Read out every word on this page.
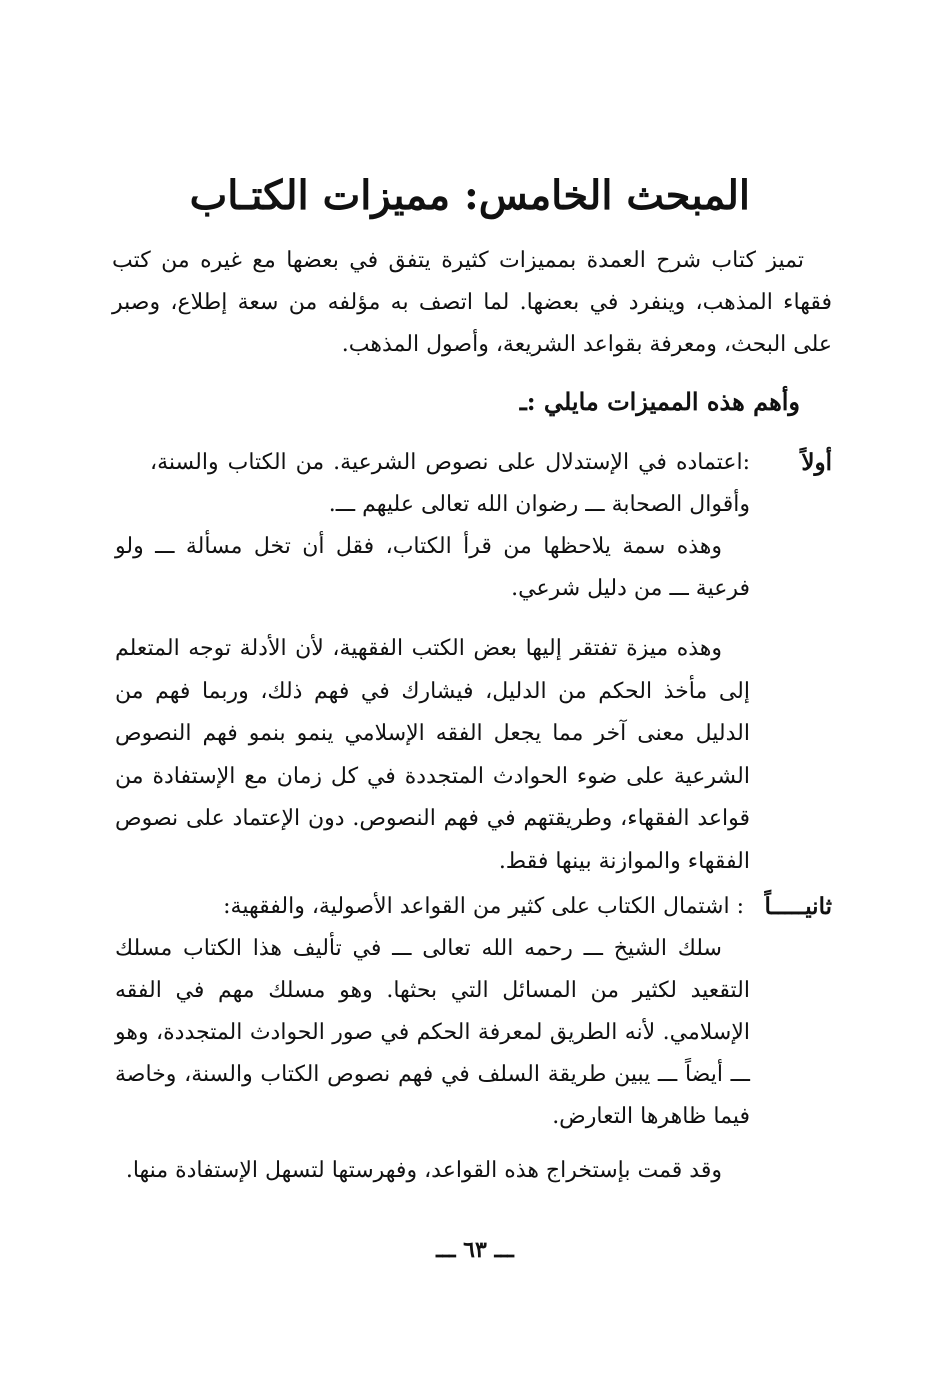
المبحث الخامس: مميزات الكتـاب
تميز كتاب شرح العمدة بمميزات كثيرة يتفق في بعضها مع غيره من كتب فقهاء المذهب، وينفرد في بعضها. لما اتصف به مؤلفه من سعة إطلاع، وصبر على البحث، ومعرفة بقواعد الشريعة، وأصول المذهب.
وأهم هذه المميزات مايلي :ـ
أولاً
:اعتماده في الإستدلال على نصوص الشرعية. من الكتاب والسنة، وأقوال الصحابة ـــ رضوان الله تعالى عليهم ـــ.
وهذه سمة يلاحظها من قرأ الكتاب، فقل أن تخل مسألة ـــ ولو فرعية ـــ من دليل شرعي.
وهذه ميزة تفتقر إليها بعض الكتب الفقهية، لأن الأدلة توجه المتعلم إلى مأخذ الحكم من الدليل، فيشارك في فهم ذلك، وربما فهم من الدليل معنى آخر مما يجعل الفقه الإسلامي ينمو بنمو فهم النصوص الشرعية على ضوء الحوادث المتجددة في كل زمان مع الإستفادة من قواعد الفقهاء، وطريقتهم في فهم النصوص. دون الإعتماد على نصوص الفقهاء والموازنة بينها فقط.
ثانيـــــاً
: اشتمال الكتاب على كثير من القواعد الأصولية، والفقهية:
سلك الشيخ ـــ رحمه الله تعالى ـــ في تأليف هذا الكتاب مسلك التقعيد لكثير من المسائل التي بحثها. وهو مسلك مهم في الفقه الإسلامي. لأنه الطريق لمعرفة الحكم في صور الحوادث المتجددة، وهو ـــ أيضاً ـــ يبين طريقة السلف في فهم نصوص الكتاب والسنة، وخاصة فيما ظاهرها التعارض.
وقد قمت بإستخراج هذه القواعد، وفهرستها لتسهل الإستفادة منها.
ـــ ٦٣ ـــ
